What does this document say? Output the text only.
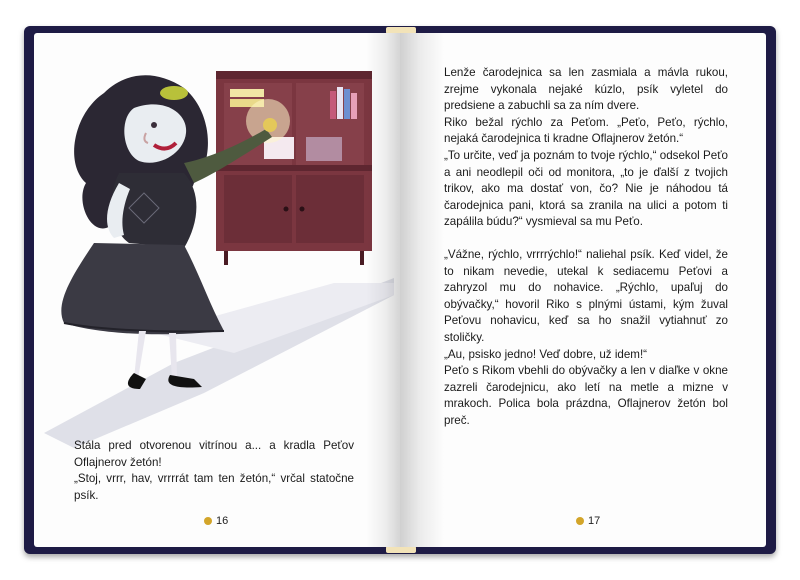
Stála pred otvorenou vitrínou a... a kradla Peťov Oflajnerov žetón!

„Stoj, vrrr, hav, vrrrrát tam ten žetón,“ vrčal statočne psík.

16

Lenže čarodejnica sa len zasmiala a mávla rukou, zrejme vykonala nejaké kúzlo, psík vyletel do predsiene a zabuchli sa za ním dvere.

Riko bežal rýchlo za Peťom. „Peťo, Peťo, rýchlo, nejaká čarodejnica ti kradne Oflajnerov žetón.“

„To určite, veď ja poznám to tvoje rýchlo,“ odsekol Peťo a ani neodlepil oči od monitora, „to je ďalší z tvojich trikov, ako ma dostať von, čo? Nie je náhodou tá čarodejnica pani, ktorá sa zranila na ulici a potom ti zapálila búdu?“ vysmieval sa mu Peťo.

„Vážne, rýchlo, vrrrrýchlo!“ naliehal psík. Keď videl, že to nikam nevedie, utekal k sediacemu Peťovi a zahryzol mu do nohavice. „Rýchlo, upaľuj do obývačky,“ hovoril Riko s plnými ústami, kým žuval Peťovu nohavicu, keď sa ho snažil vytiahnuť zo stoličky.

„Au, psisko jedno! Veď dobre, už idem!“

Peťo s Rikom vbehli do obývačky a len v diaľke v okne zazreli čarodejnicu, ako letí na metle a mizne v mrakoch. Polica bola prázdna, Oflajnerov žetón bol preč.

17
